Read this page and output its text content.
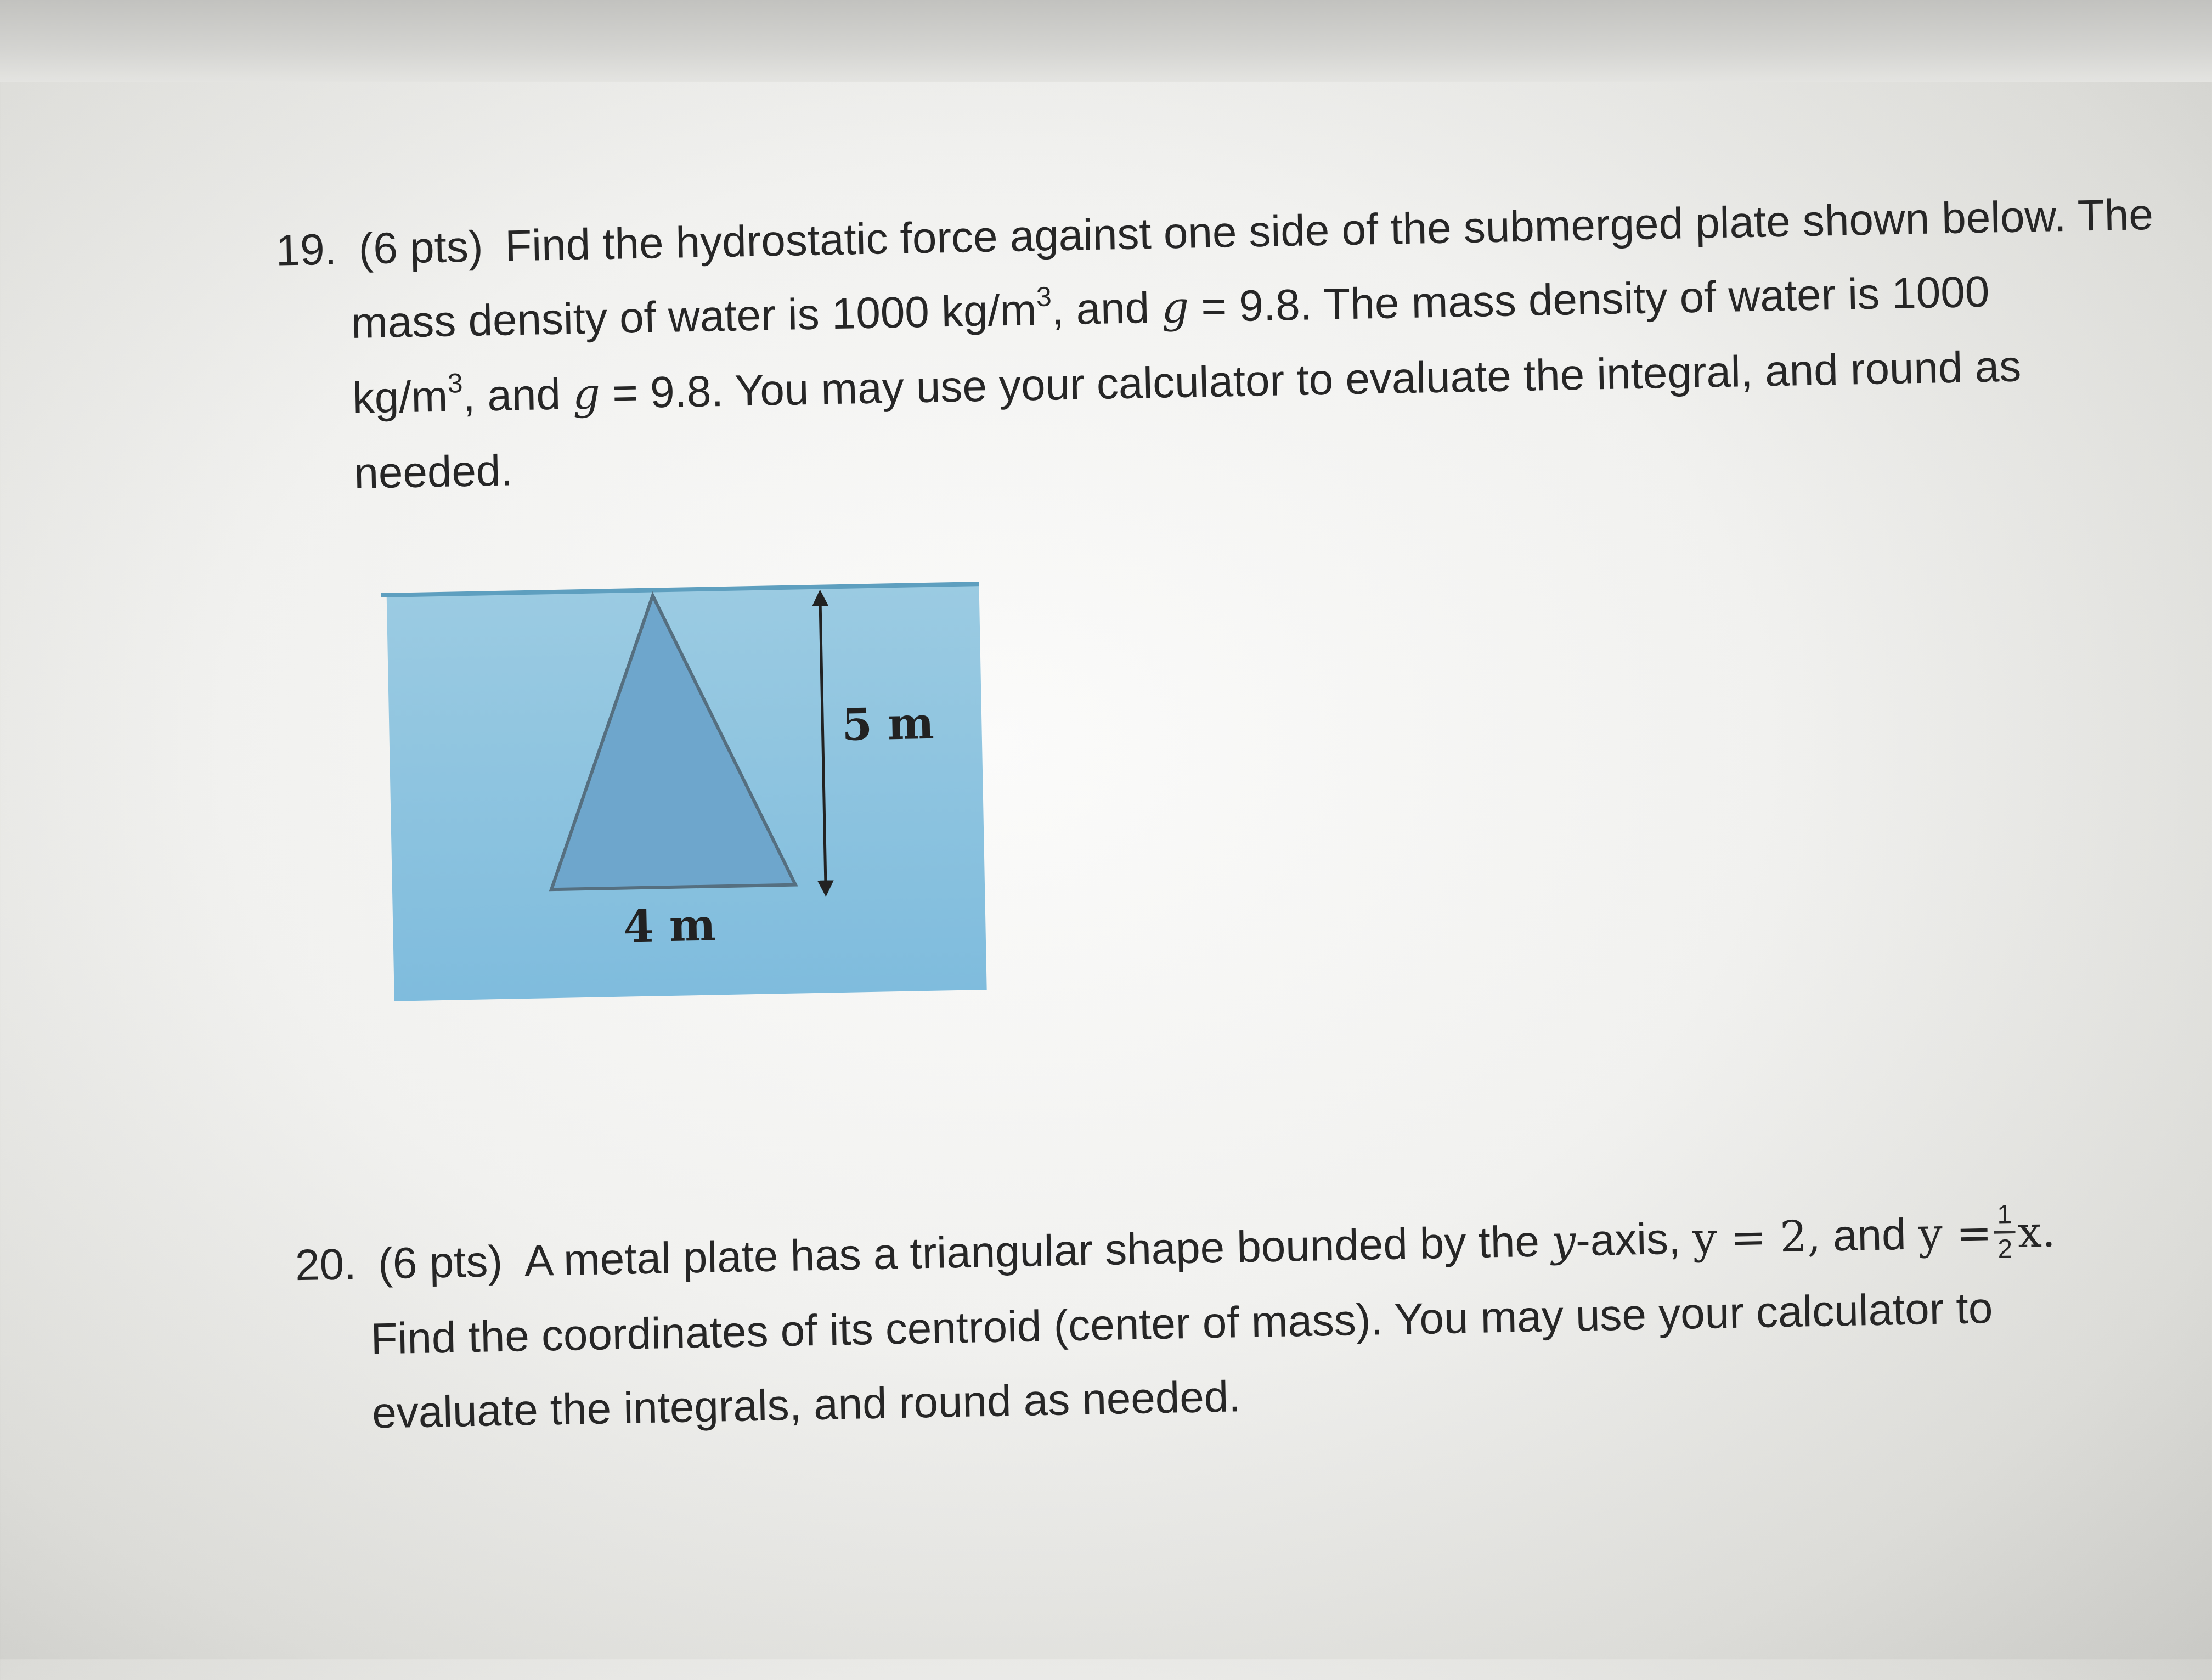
19. (6 pts) Find the hydrostatic force against one side of the submerged plate shown below. The
mass density of water is 1000 $kg/m^3$, and g = 9.8. The mass density of water is 1000
$kg/m^3$, and g = 9.8. You may use your calculator to evaluate the integral, and round as
needed.
5 m
4 m
20. (6 pts) A metal plate has a triangular shape bounded by the y-axis, y = 2, and $y = \frac{1}{2} x$.
Find the coordinates of its centroid (center of mass). You may use your calculator to
evaluate the integrals, and round as needed.
